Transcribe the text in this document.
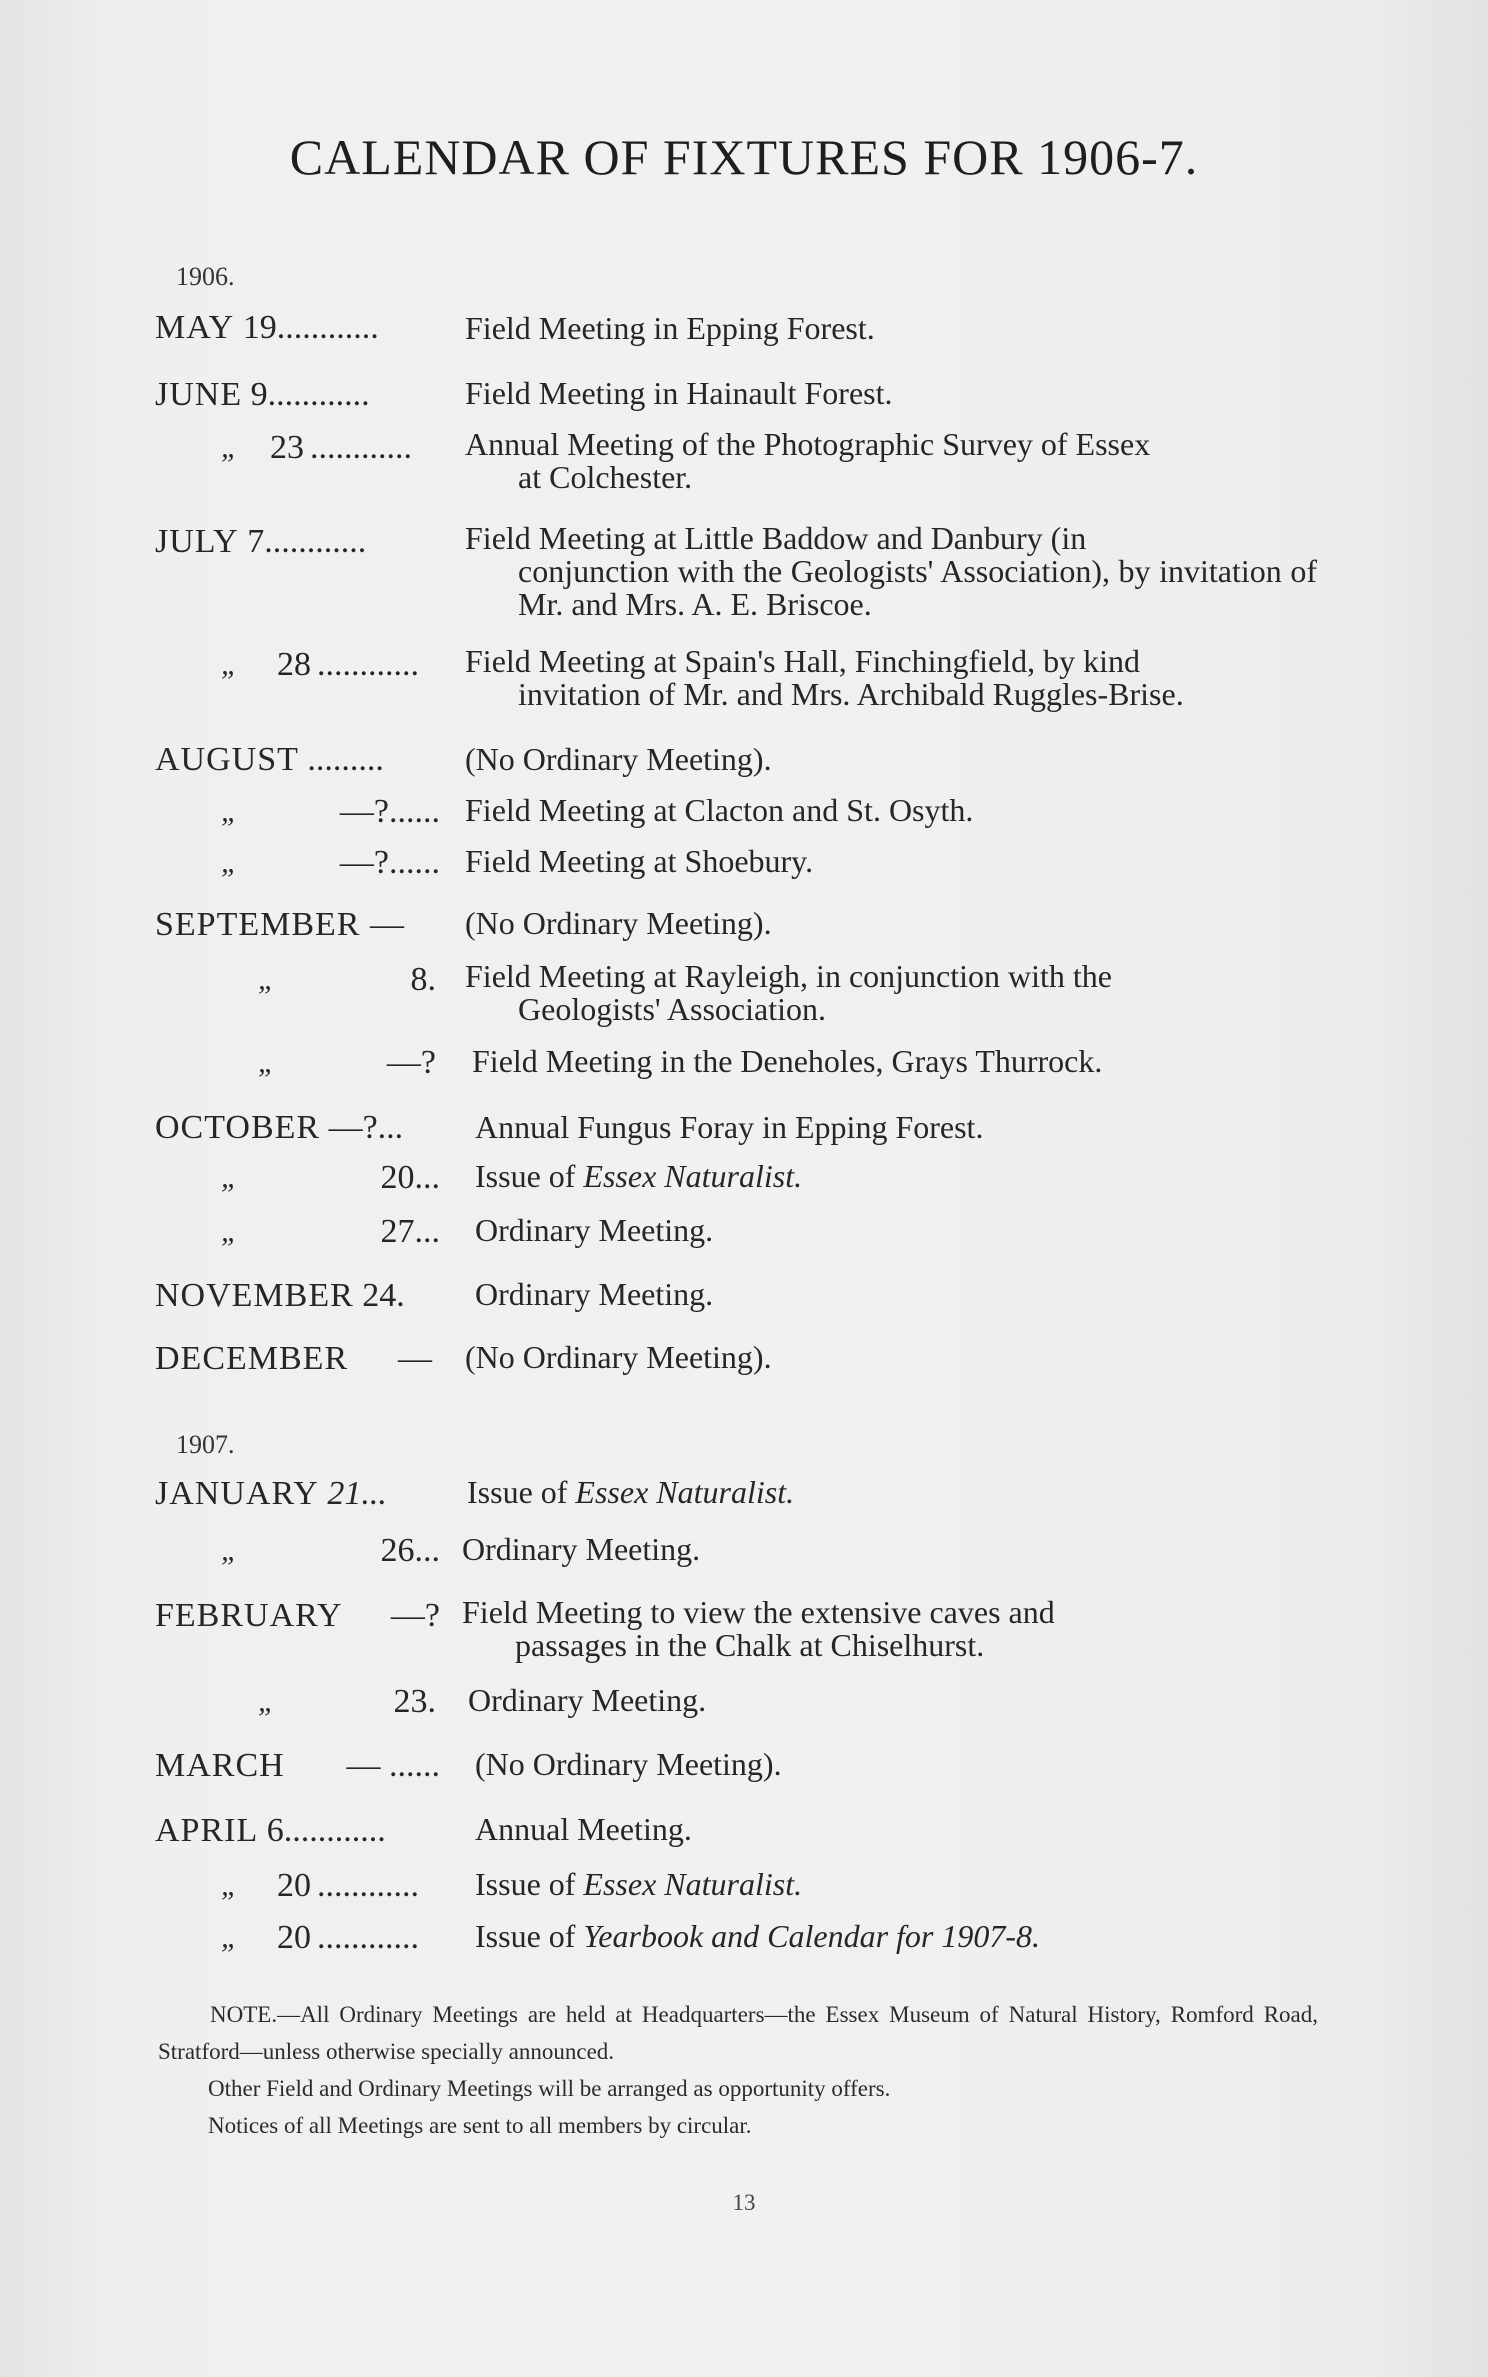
CALENDAR OF FIXTURES FOR 1906-7.
1906.
MAY 19............	Field Meeting in Epping Forest.
JUNE 9............	Field Meeting in Hainault Forest.
„ 23 ............ Annual Meeting of the Photographic Survey of Essex
at Colchester.
JULY 7............	Field Meeting at Little Baddow and Danbury (in
conjunction with the Geologists' Association), by invitation of Mr. and Mrs. A. E. Briscoe.
„ 28 ............ Field Meeting at Spain's Hall, Finchingfield, by kind
invitation of Mr. and Mrs. Archibald Ruggles-Brise.
AUGUST .........	(No Ordinary Meeting).
„	—?...... Field Meeting at Clacton and St. Osyth.
„	—?...... Field Meeting at Shoebury.
SEPTEMBER —	(No Ordinary Meeting).
„	8. Field Meeting at Rayleigh, in conjunction with the
Geologists' Association.
„	—? Field Meeting in the Deneholes, Grays Thurrock.
OCTOBER —?...	Annual Fungus Foray in Epping Forest.
„	20... Issue of Essex Naturalist.
„	27... Ordinary Meeting.
NOVEMBER 24.	Ordinary Meeting.
DECEMBER — (No Ordinary Meeting).
1907.
JANUARY 21...	Issue of Essex Naturalist.
„	26... Ordinary Meeting.
FEBRUARY —? Field Meeting to view the extensive caves and
passages in the Chalk at Chiselhurst.
„	23. Ordinary Meeting.
MARCH — ...... (No Ordinary Meeting).
APRIL 6............	Annual Meeting.
„ 20 ............ Issue of Essex Naturalist.
„ 20 ............ Issue of Yearbook and Calendar for 1907-8.
NOTE.—All Ordinary Meetings are held at Headquarters—the Essex Museum of Natural History, Romford Road, Stratford—unless otherwise specially announced.
Other Field and Ordinary Meetings will be arranged as opportunity offers.
Notices of all Meetings are sent to all members by circular.
13
